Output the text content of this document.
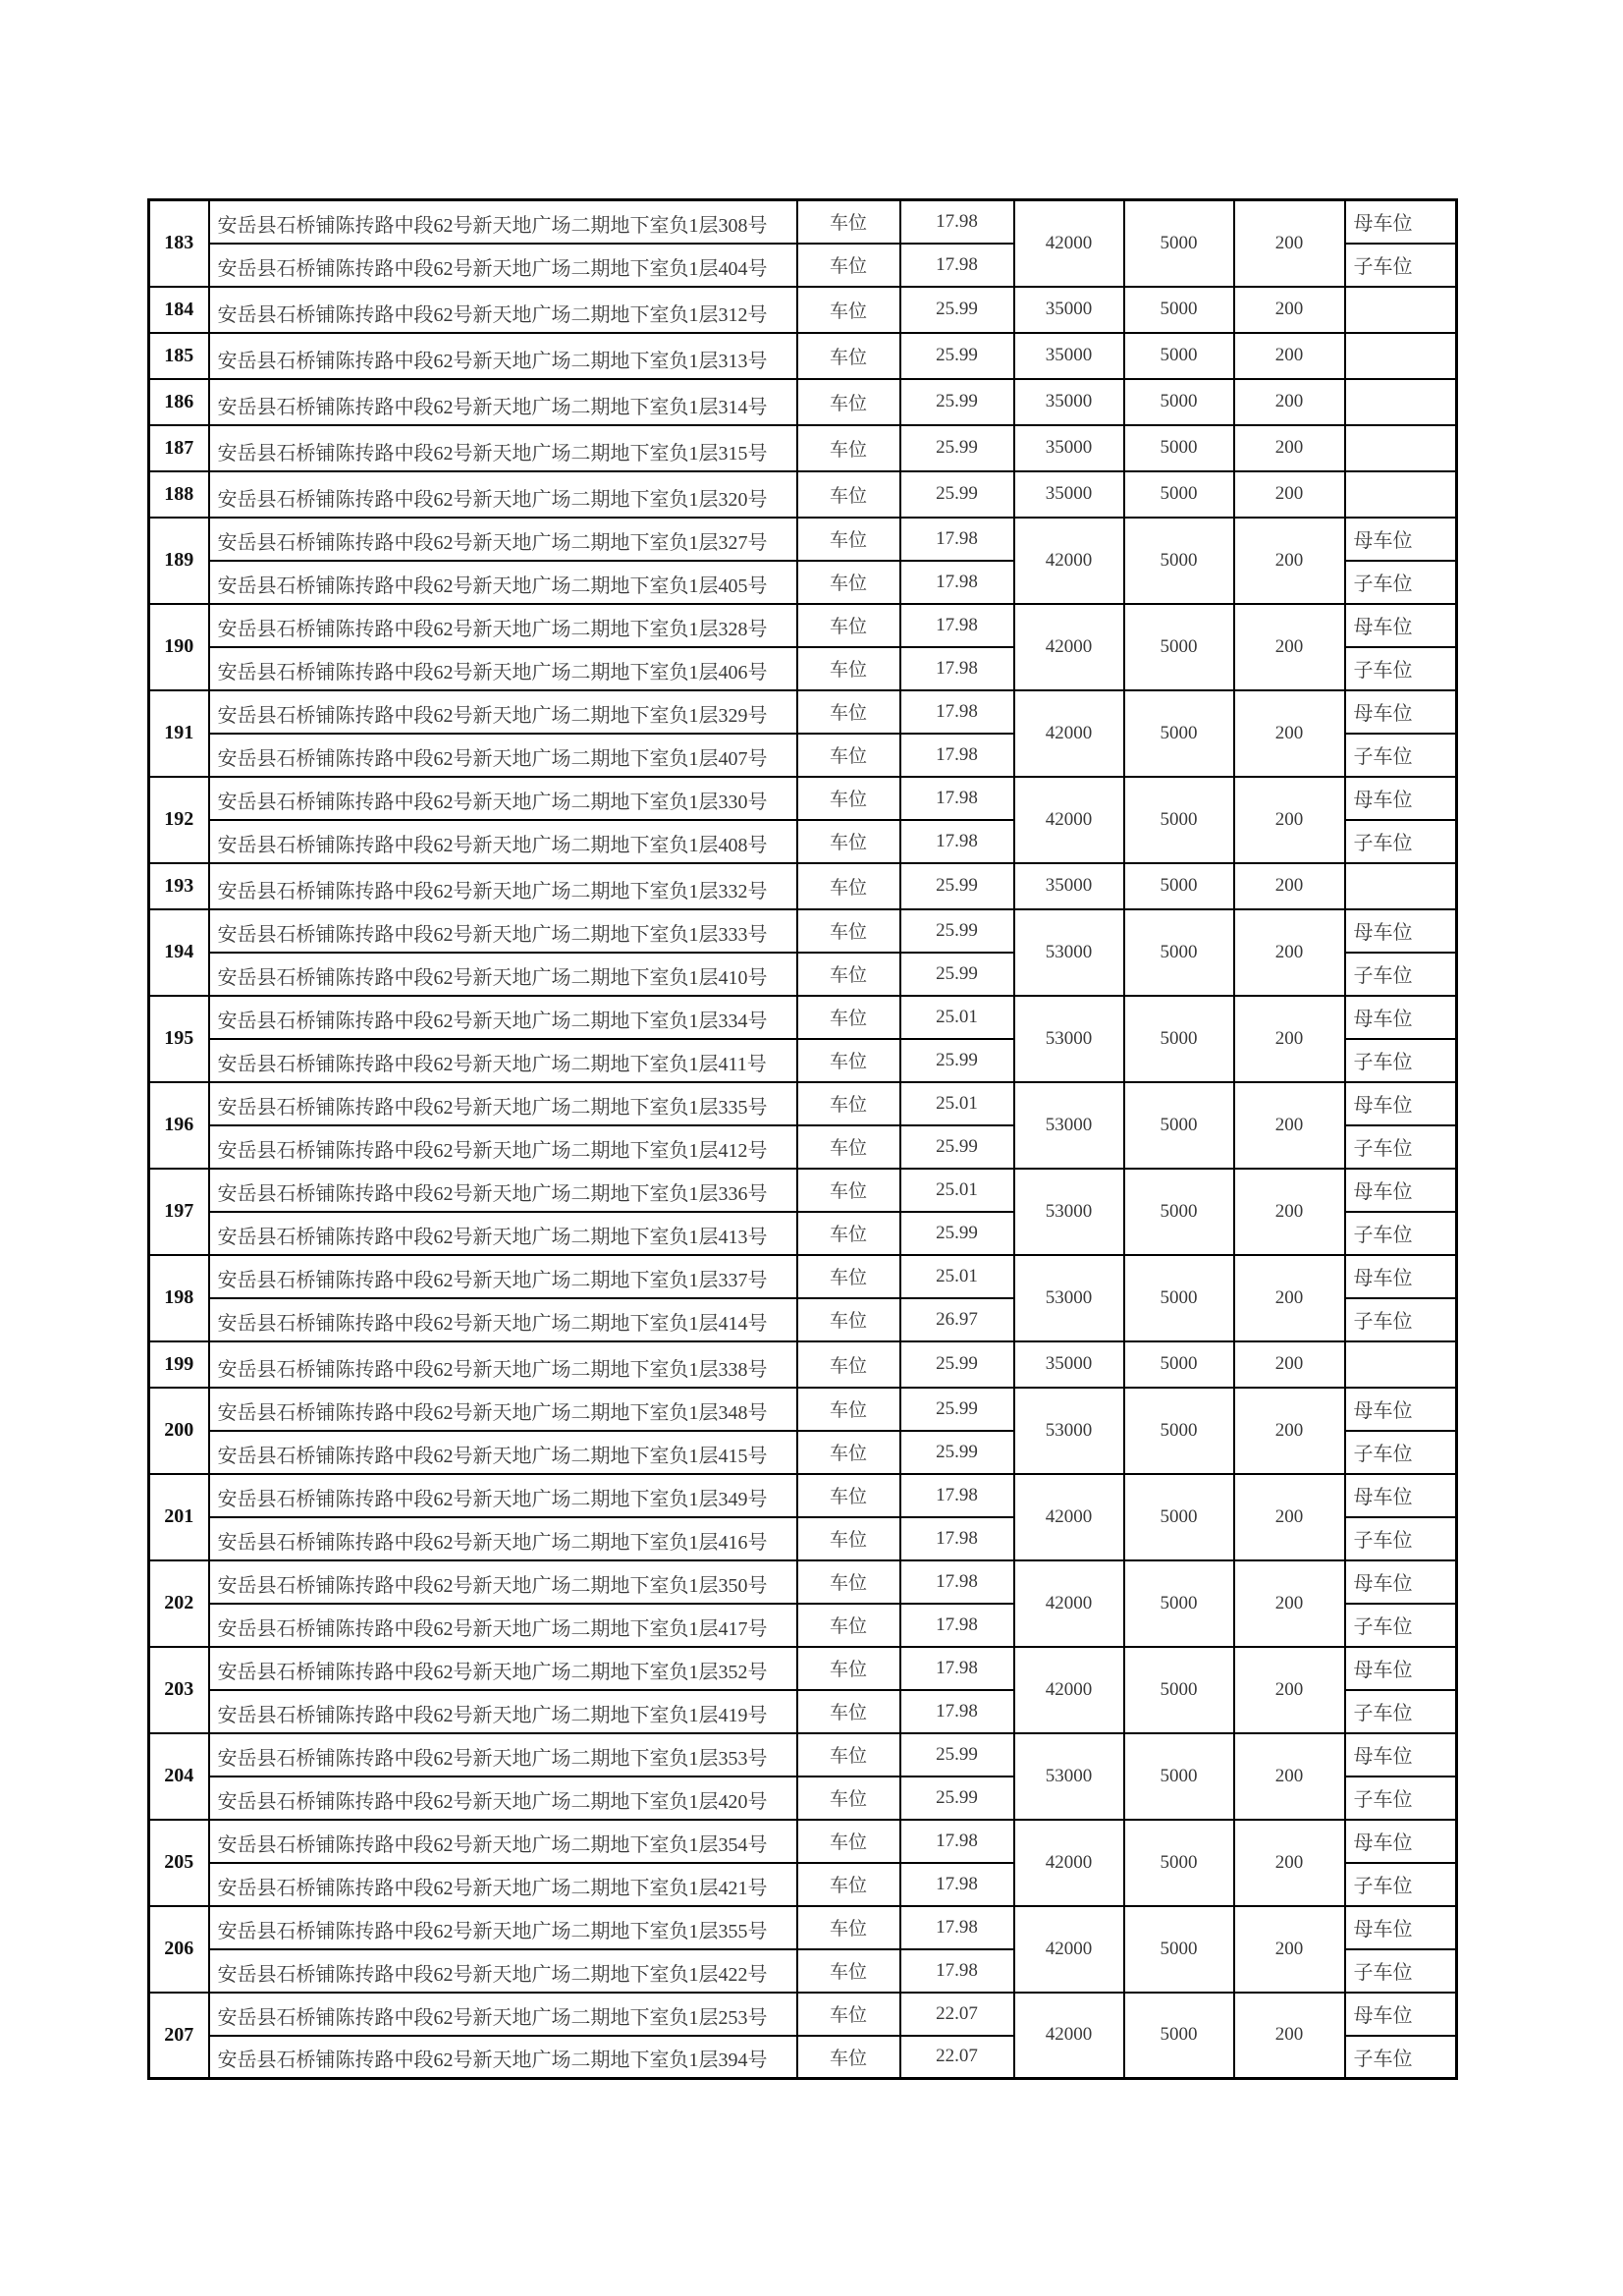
183	安岳县石桥铺陈抟路中段62号新天地广场二期地下室负1层308号	车位	17.98	42000	5000	200	母车位
	安岳县石桥铺陈抟路中段62号新天地广场二期地下室负1层404号	车位	17.98				子车位
184	安岳县石桥铺陈抟路中段62号新天地广场二期地下室负1层312号	车位	25.99	35000	5000	200	
185	安岳县石桥铺陈抟路中段62号新天地广场二期地下室负1层313号	车位	25.99	35000	5000	200	
186	安岳县石桥铺陈抟路中段62号新天地广场二期地下室负1层314号	车位	25.99	35000	5000	200	
187	安岳县石桥铺陈抟路中段62号新天地广场二期地下室负1层315号	车位	25.99	35000	5000	200	
188	安岳县石桥铺陈抟路中段62号新天地广场二期地下室负1层320号	车位	25.99	35000	5000	200	
189	安岳县石桥铺陈抟路中段62号新天地广场二期地下室负1层327号	车位	17.98	42000	5000	200	母车位
	安岳县石桥铺陈抟路中段62号新天地广场二期地下室负1层405号	车位	17.98				子车位
190	安岳县石桥铺陈抟路中段62号新天地广场二期地下室负1层328号	车位	17.98	42000	5000	200	母车位
	安岳县石桥铺陈抟路中段62号新天地广场二期地下室负1层406号	车位	17.98				子车位
191	安岳县石桥铺陈抟路中段62号新天地广场二期地下室负1层329号	车位	17.98	42000	5000	200	母车位
	安岳县石桥铺陈抟路中段62号新天地广场二期地下室负1层407号	车位	17.98				子车位
192	安岳县石桥铺陈抟路中段62号新天地广场二期地下室负1层330号	车位	17.98	42000	5000	200	母车位
	安岳县石桥铺陈抟路中段62号新天地广场二期地下室负1层408号	车位	17.98				子车位
193	安岳县石桥铺陈抟路中段62号新天地广场二期地下室负1层332号	车位	25.99	35000	5000	200	
194	安岳县石桥铺陈抟路中段62号新天地广场二期地下室负1层333号	车位	25.99	53000	5000	200	母车位
	安岳县石桥铺陈抟路中段62号新天地广场二期地下室负1层410号	车位	25.99				子车位
195	安岳县石桥铺陈抟路中段62号新天地广场二期地下室负1层334号	车位	25.01	53000	5000	200	母车位
	安岳县石桥铺陈抟路中段62号新天地广场二期地下室负1层411号	车位	25.99				子车位
196	安岳县石桥铺陈抟路中段62号新天地广场二期地下室负1层335号	车位	25.01	53000	5000	200	母车位
	安岳县石桥铺陈抟路中段62号新天地广场二期地下室负1层412号	车位	25.99				子车位
197	安岳县石桥铺陈抟路中段62号新天地广场二期地下室负1层336号	车位	25.01	53000	5000	200	母车位
	安岳县石桥铺陈抟路中段62号新天地广场二期地下室负1层413号	车位	25.99				子车位
198	安岳县石桥铺陈抟路中段62号新天地广场二期地下室负1层337号	车位	25.01	53000	5000	200	母车位
	安岳县石桥铺陈抟路中段62号新天地广场二期地下室负1层414号	车位	26.97				子车位
199	安岳县石桥铺陈抟路中段62号新天地广场二期地下室负1层338号	车位	25.99	35000	5000	200	
200	安岳县石桥铺陈抟路中段62号新天地广场二期地下室负1层348号	车位	25.99	53000	5000	200	母车位
	安岳县石桥铺陈抟路中段62号新天地广场二期地下室负1层415号	车位	25.99				子车位
201	安岳县石桥铺陈抟路中段62号新天地广场二期地下室负1层349号	车位	17.98	42000	5000	200	母车位
	安岳县石桥铺陈抟路中段62号新天地广场二期地下室负1层416号	车位	17.98				子车位
202	安岳县石桥铺陈抟路中段62号新天地广场二期地下室负1层350号	车位	17.98	42000	5000	200	母车位
	安岳县石桥铺陈抟路中段62号新天地广场二期地下室负1层417号	车位	17.98				子车位
203	安岳县石桥铺陈抟路中段62号新天地广场二期地下室负1层352号	车位	17.98	42000	5000	200	母车位
	安岳县石桥铺陈抟路中段62号新天地广场二期地下室负1层419号	车位	17.98				子车位
204	安岳县石桥铺陈抟路中段62号新天地广场二期地下室负1层353号	车位	25.99	53000	5000	200	母车位
	安岳县石桥铺陈抟路中段62号新天地广场二期地下室负1层420号	车位	25.99				子车位
205	安岳县石桥铺陈抟路中段62号新天地广场二期地下室负1层354号	车位	17.98	42000	5000	200	母车位
	安岳县石桥铺陈抟路中段62号新天地广场二期地下室负1层421号	车位	17.98				子车位
206	安岳县石桥铺陈抟路中段62号新天地广场二期地下室负1层355号	车位	17.98	42000	5000	200	母车位
	安岳县石桥铺陈抟路中段62号新天地广场二期地下室负1层422号	车位	17.98				子车位
207	安岳县石桥铺陈抟路中段62号新天地广场二期地下室负1层253号	车位	22.07	42000	5000	200	母车位
	安岳县石桥铺陈抟路中段62号新天地广场二期地下室负1层394号	车位	22.07				子车位
